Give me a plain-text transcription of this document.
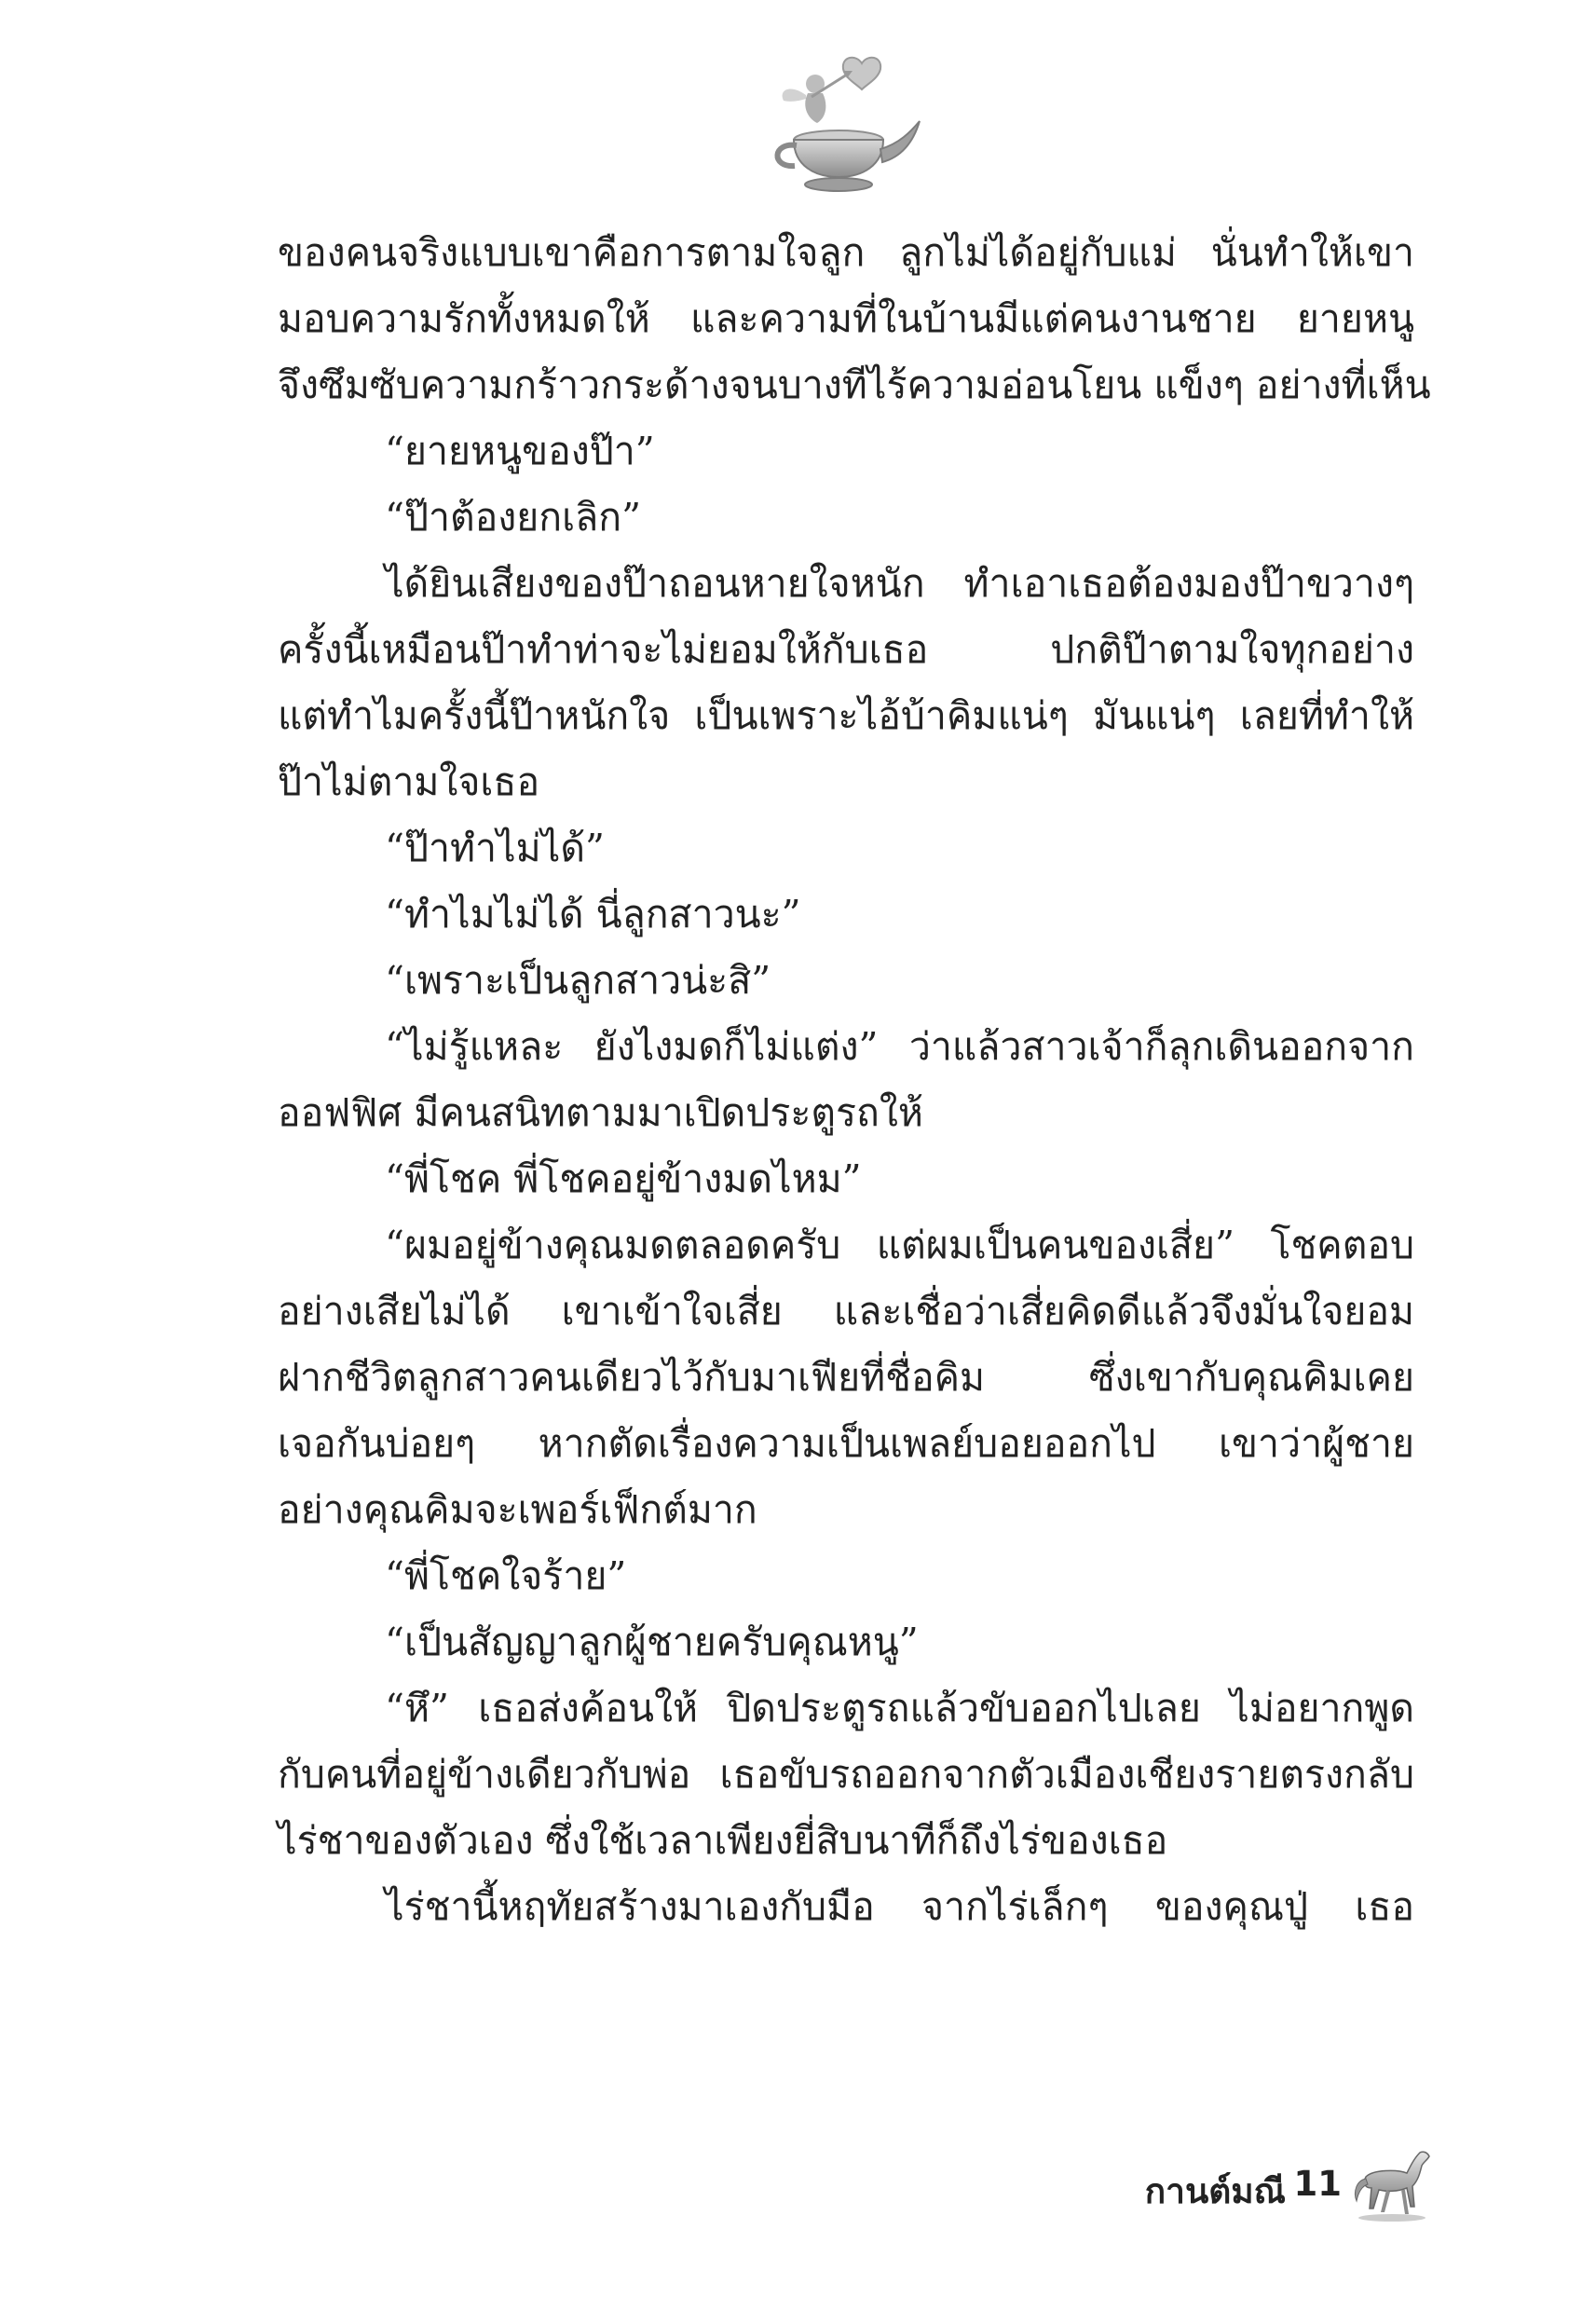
ของคนจริงแบบเขาคือการตามใจลูก ลูกไม่ได้อยู่กับแม่ นั่นทำให้เขา
มอบความรักทั้งหมดให้ และความที่ในบ้านมีแต่คนงานชาย ยายหนู
จึงซึมซับความกร้าวกระด้างจนบางทีไร้ความอ่อนโยน แข็งๆ อย่างที่เห็น
“ยายหนูของป๊า”
“ป๊าต้องยกเลิก”
ได้ยินเสียงของป๊าถอนหายใจหนัก ทำเอาเธอต้องมองป๊าขวางๆ
ครั้งนี้เหมือนป๊าทำท่าจะไม่ยอมให้กับเธอ ปกติป๊าตามใจทุกอย่าง
แต่ทำไมครั้งนี้ป๊าหนักใจ เป็นเพราะไอ้บ้าคิมแน่ๆ มันแน่ๆ เลยที่ทำให้
ป๊าไม่ตามใจเธอ
“ป๊าทำไม่ได้”
“ทำไมไม่ได้ นี่ลูกสาวนะ”
“เพราะเป็นลูกสาวน่ะสิ”
“ไม่รู้แหละ ยังไงมดก็ไม่แต่ง” ว่าแล้วสาวเจ้าก็ลุกเดินออกจาก
ออฟฟิศ มีคนสนิทตามมาเปิดประตูรถให้
“พี่โชค พี่โชคอยู่ข้างมดไหม”
“ผมอยู่ข้างคุณมดตลอดครับ แต่ผมเป็นคนของเสี่ย” โชคตอบ
อย่างเสียไม่ได้ เขาเข้าใจเสี่ย และเชื่อว่าเสี่ยคิดดีแล้วจึงมั่นใจยอม
ฝากชีวิตลูกสาวคนเดียวไว้กับมาเฟียที่ชื่อคิม ซึ่งเขากับคุณคิมเคย
เจอกันบ่อยๆ หากตัดเรื่องความเป็นเพลย์บอยออกไป เขาว่าผู้ชาย
อย่างคุณคิมจะเพอร์เฟ็กต์มาก
“พี่โชคใจร้าย”
“เป็นสัญญาลูกผู้ชายครับคุณหนู”
“หึ” เธอส่งค้อนให้ ปิดประตูรถแล้วขับออกไปเลย ไม่อยากพูด
กับคนที่อยู่ข้างเดียวกับพ่อ เธอขับรถออกจากตัวเมืองเชียงรายตรงกลับ
ไร่ชาของตัวเอง ซึ่งใช้เวลาเพียงยี่สิบนาทีก็ถึงไร่ของเธอ
ไร่ชานี้หฤทัยสร้างมาเองกับมือ จากไร่เล็กๆ ของคุณปู่ เธอ
กานต์มณี 11
